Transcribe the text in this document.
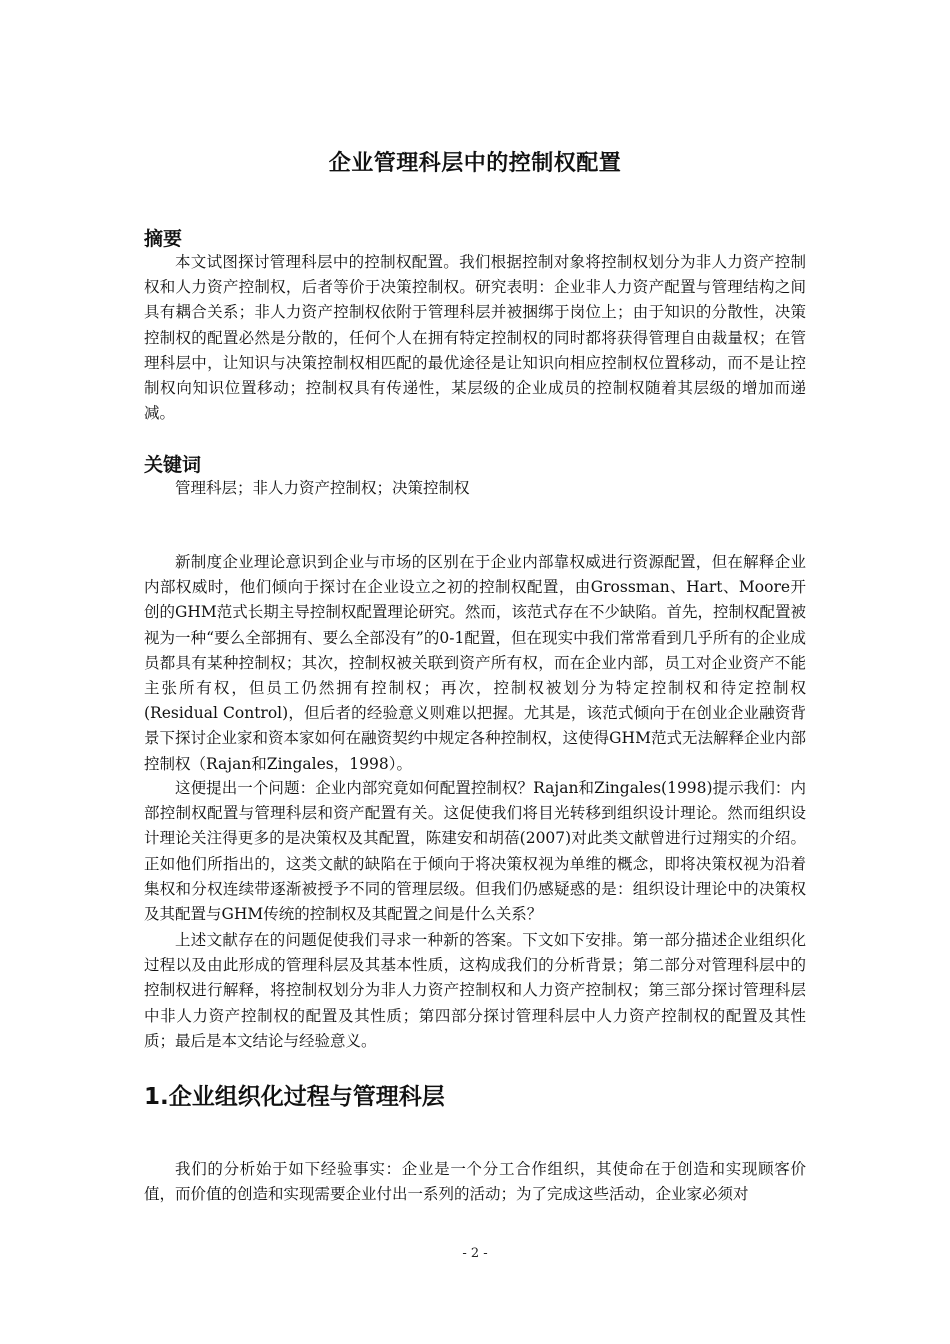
企业管理科层中的控制权配置
摘要

本文试图探讨管理科层中的控制权配置。我们根据控制对象将控制权划分为非人力资产控制权和人力资产控制权，后者等价于决策控制权。研究表明：企业非人力资产配置与管理结构之间具有耦合关系；非人力资产控制权依附于管理科层并被捆绑于岗位上；由于知识的分散性，决策控制权的配置必然是分散的，任何个人在拥有特定控制权的同时都将获得管理自由裁量权；在管理科层中，让知识与决策控制权相匹配的最优途径是让知识向相应控制权位置移动，而不是让控制权向知识位置移动；控制权具有传递性，某层级的企业成员的控制权随着其层级的增加而递减。

关键词

管理科层；非人力资产控制权；决策控制权

新制度企业理论意识到企业与市场的区别在于企业内部靠权威进行资源配置，但在解释企业内部权威时，他们倾向于探讨在企业设立之初的控制权配置，由Grossman、Hart、Moore开创的GHM范式长期主导控制权配置理论研究。然而，该范式存在不少缺陷。首先，控制权配置被视为一种“要么全部拥有、要么全部没有”的0-1配置，但在现实中我们常常看到几乎所有的企业成员都具有某种控制权；其次，控制权被关联到资产所有权，而在企业内部，员工对企业资产不能主张所有权，但员工仍然拥有控制权；再次，控制权被划分为特定控制权和待定控制权(Residual Control)，但后者的经验意义则难以把握。尤其是，该范式倾向于在创业企业融资背景下探讨企业家和资本家如何在融资契约中规定各种控制权，这使得GHM范式无法解释企业内部控制权（Rajan和Zingales，1998）。

这便提出一个问题：企业内部究竟如何配置控制权？Rajan和Zingales(1998)提示我们：内部控制权配置与管理科层和资产配置有关。这促使我们将目光转移到组织设计理论。然而组织设计理论关注得更多的是决策权及其配置，陈建安和胡蓓(2007)对此类文献曾进行过翔实的介绍。正如他们所指出的，这类文献的缺陷在于倾向于将决策权视为单维的概念，即将决策权视为沿着集权和分权连续带逐渐被授予不同的管理层级。但我们仍感疑惑的是：组织设计理论中的决策权及其配置与GHM传统的控制权及其配置之间是什么关系？

上述文献存在的问题促使我们寻求一种新的答案。下文如下安排。第一部分描述企业组织化过程以及由此形成的管理科层及其基本性质，这构成我们的分析背景；第二部分对管理科层中的控制权进行解释，将控制权划分为非人力资产控制权和人力资产控制权；第三部分探讨管理科层中非人力资产控制权的配置及其性质；第四部分探讨管理科层中人力资产控制权的配置及其性质；最后是本文结论与经验意义。

1.企业组织化过程与管理科层

我们的分析始于如下经验事实：企业是一个分工合作组织，其使命在于创造和实现顾客价值，而价值的创造和实现需要企业付出一系列的活动；为了完成这些活动，企业家必须对

- 2 -
